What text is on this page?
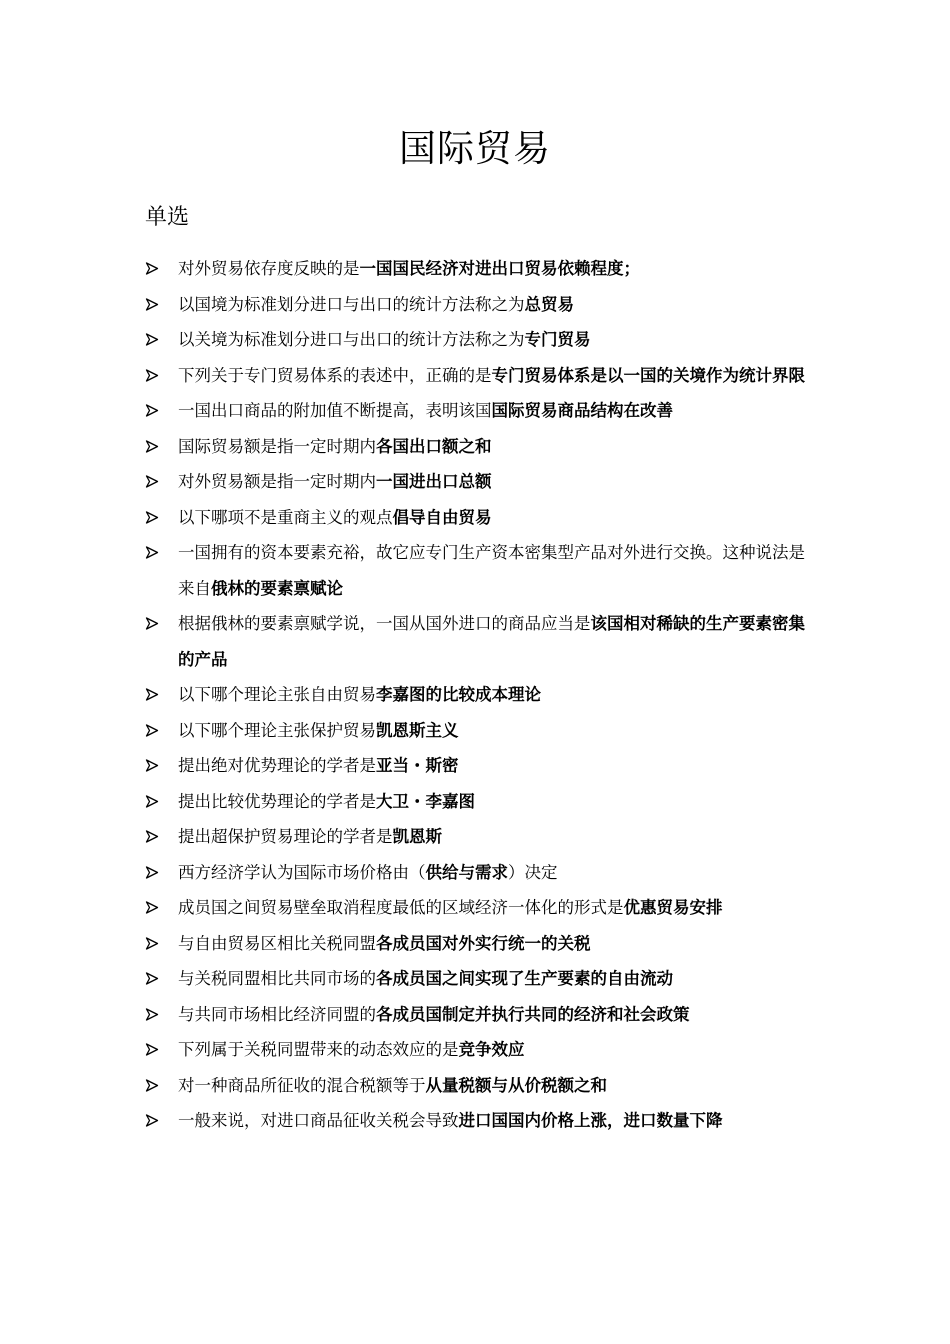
国际贸易
单选
对外贸易依存度反映的是一国国民经济对进出口贸易依赖程度；
以国境为标准划分进口与出口的统计方法称之为总贸易
以关境为标准划分进口与出口的统计方法称之为专门贸易
下列关于专门贸易体系的表述中，正确的是专门贸易体系是以一国的关境作为统计界限
一国出口商品的附加值不断提高，表明该国国际贸易商品结构在改善
国际贸易额是指一定时期内各国出口额之和
对外贸易额是指一定时期内一国进出口总额
以下哪项不是重商主义的观点倡导自由贸易
一国拥有的资本要素充裕，故它应专门生产资本密集型产品对外进行交换。这种说法是来自俄林的要素禀赋论
根据俄林的要素禀赋学说，一国从国外进口的商品应当是该国相对稀缺的生产要素密集的产品
以下哪个理论主张自由贸易李嘉图的比较成本理论
以下哪个理论主张保护贸易凯恩斯主义
提出绝对优势理论的学者是亚当・斯密
提出比较优势理论的学者是大卫・李嘉图
提出超保护贸易理论的学者是凯恩斯
西方经济学认为国际市场价格由（供给与需求）决定
成员国之间贸易壁垒取消程度最低的区域经济一体化的形式是优惠贸易安排
与自由贸易区相比关税同盟各成员国对外实行统一的关税
与关税同盟相比共同市场的各成员国之间实现了生产要素的自由流动
与共同市场相比经济同盟的各成员国制定并执行共同的经济和社会政策
下列属于关税同盟带来的动态效应的是竞争效应
对一种商品所征收的混合税额等于从量税额与从价税额之和
一般来说，对进口商品征收关税会导致进口国国内价格上涨，进口数量下降
